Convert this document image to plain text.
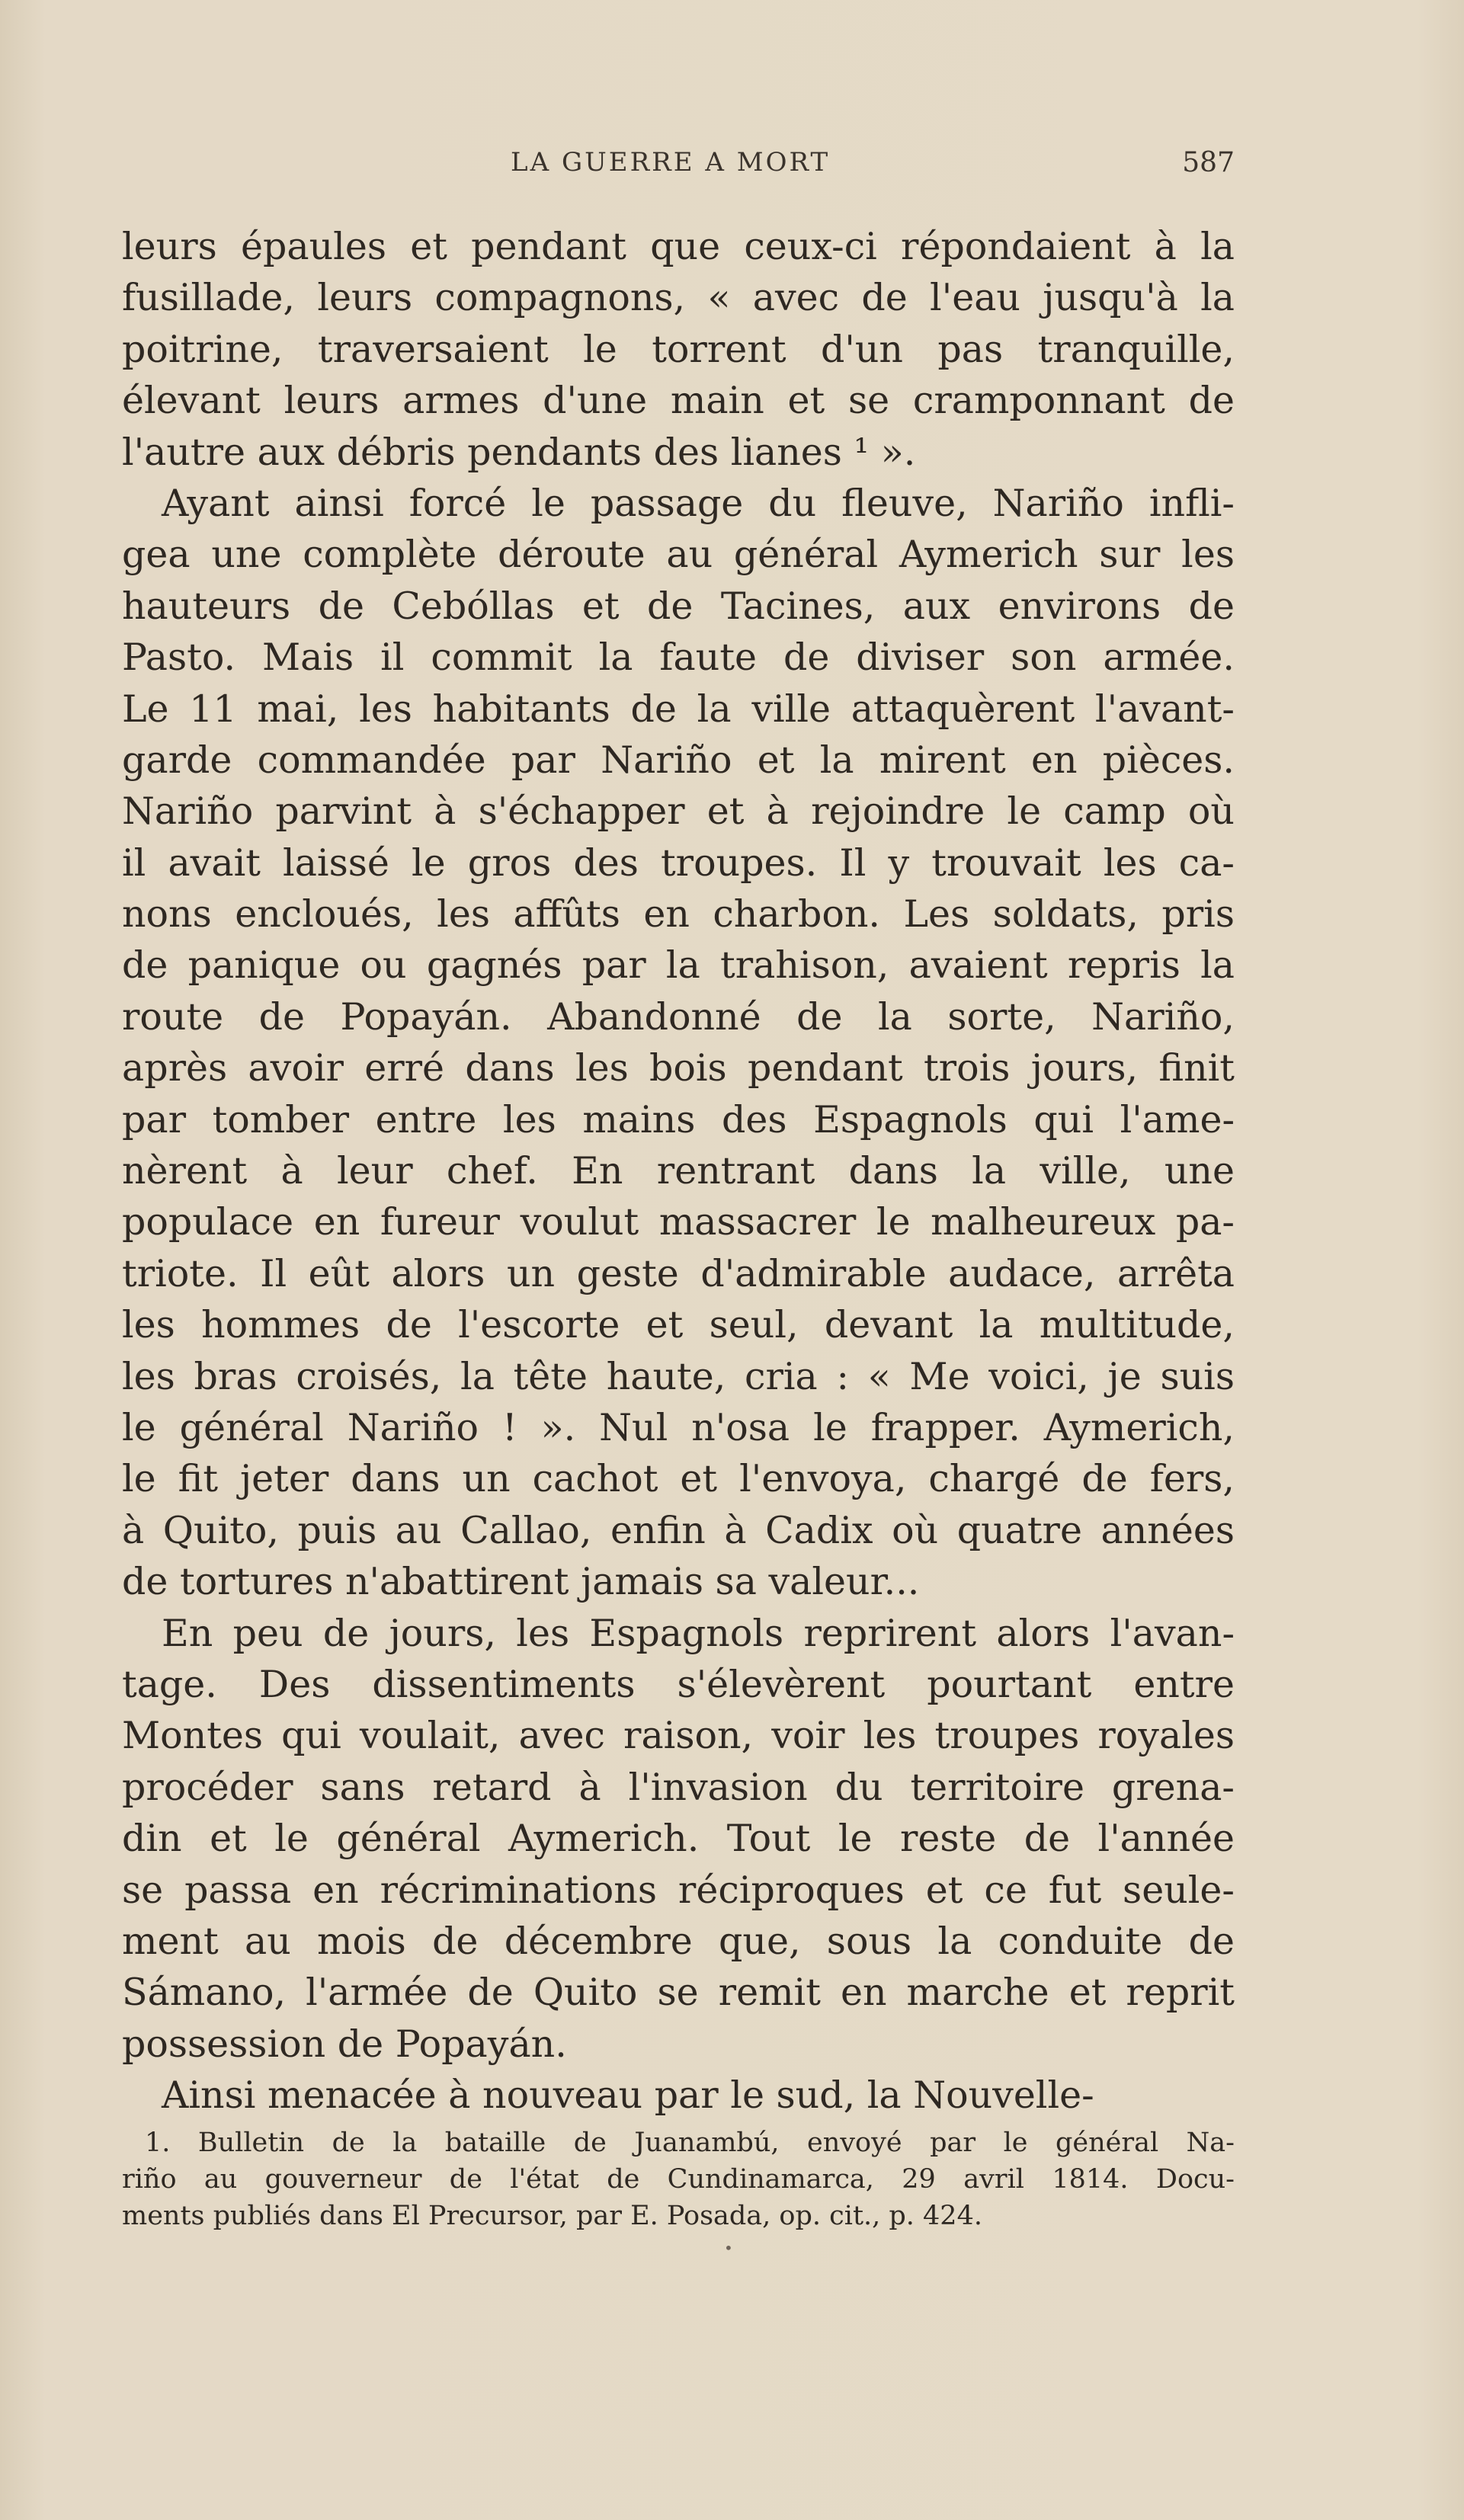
LA GUERRE A MORT	587
leurs épaules et pendant que ceux-ci répondaient à la
fusillade, leurs compagnons, « avec de l'eau jusqu'à la
poitrine, traversaient le torrent d'un pas tranquille,
élevant leurs armes d'une main et se cramponnant de
l'autre aux débris pendants des lianes ¹ ».
Ayant ainsi forcé le passage du fleuve, Nariño infli-
gea une complète déroute au général Aymerich sur les
hauteurs de Cebóllas et de Tacines, aux environs de
Pasto. Mais il commit la faute de diviser son armée.
Le 11 mai, les habitants de la ville attaquèrent l'avant-
garde commandée par Nariño et la mirent en pièces.
Nariño parvint à s'échapper et à rejoindre le camp où
il avait laissé le gros des troupes. Il y trouvait les ca-
nons encloués, les affûts en charbon. Les soldats, pris
de panique ou gagnés par la trahison, avaient repris la
route de Popayán. Abandonné de la sorte, Nariño,
après avoir erré dans les bois pendant trois jours, finit
par tomber entre les mains des Espagnols qui l'ame-
nèrent à leur chef. En rentrant dans la ville, une
populace en fureur voulut massacrer le malheureux pa-
triote. Il eût alors un geste d'admirable audace, arrêta
les hommes de l'escorte et seul, devant la multitude,
les bras croisés, la tête haute, cria : « Me voici, je suis
le général Nariño ! ». Nul n'osa le frapper. Aymerich,
le fit jeter dans un cachot et l'envoya, chargé de fers,
à Quito, puis au Callao, enfin à Cadix où quatre années
de tortures n'abattirent jamais sa valeur...
En peu de jours, les Espagnols reprirent alors l'avan-
tage. Des dissentiments s'élevèrent pourtant entre
Montes qui voulait, avec raison, voir les troupes royales
procéder sans retard à l'invasion du territoire grena-
din et le général Aymerich. Tout le reste de l'année
se passa en récriminations réciproques et ce fut seule-
ment au mois de décembre que, sous la conduite de
Sámano, l'armée de Quito se remit en marche et reprit
possession de Popayán.
Ainsi menacée à nouveau par le sud, la Nouvelle-
1. Bulletin de la bataille de Juanambú, envoyé par le général Na-
riño au gouverneur de l'état de Cundinamarca, 29 avril 1814. Docu-
ments publiés dans El Precursor, par E. Posada, op. cit., p. 424.
•
